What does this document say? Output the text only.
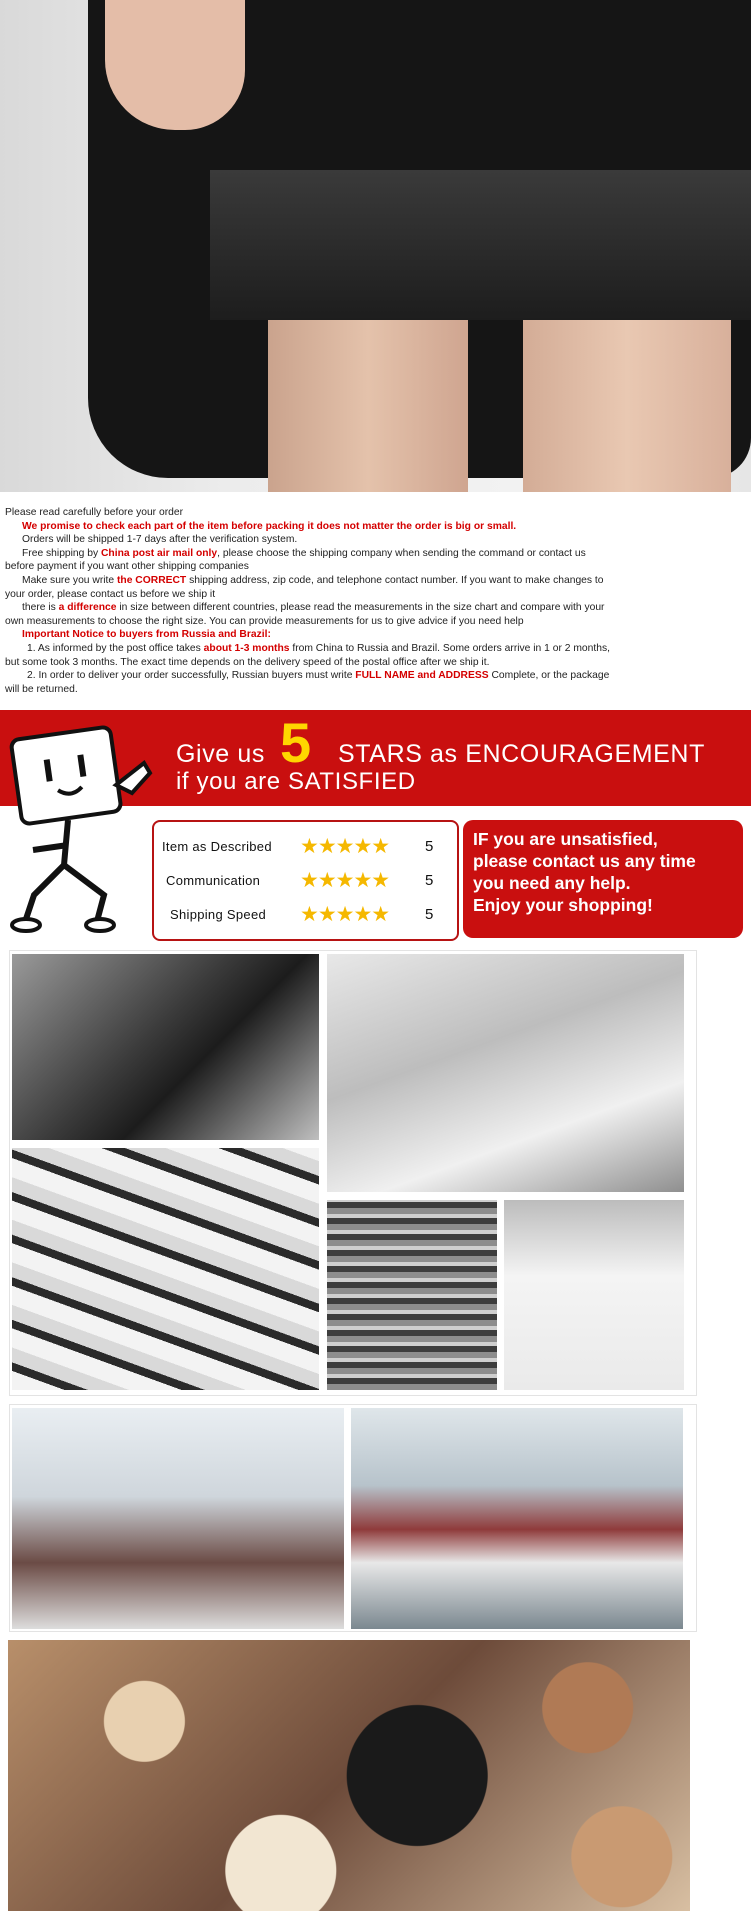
Please read carefully before your order

We promise to check each part of the item before packing it does not matter the order is big or small.

Orders will be shipped 1-7 days after the verification system.

Free shipping by China post air mail only, please choose the shipping company when sending the command or contact us

before payment if you want other shipping companies

Make sure you write the CORRECT shipping address, zip code, and telephone contact number. If you want to make changes to

your order, please contact us before we ship it

there is a difference in size between different countries, please read the measurements in the size chart and compare with your

own measurements to choose the right size. You can provide measurements for us to give advice if you need help

Important Notice to buyers from Russia and Brazil:

1. As informed by the post office takes about 1-3 months from China to Russia and Brazil. Some orders arrive in 1 or 2 months,

but some took 3 months. The exact time depends on the delivery speed of the postal office after we ship it.

2. In order to deliver your order successfully, Russian buyers must write FULL NAME and ADDRESS Complete, or the package

will be returned.

Give us 5 STARS as ENCOURAGEMENT
if you are SATISFIED
Item as Described ★★★★★ 5
Communication ★★★★★ 5
Shipping Speed ★★★★★ 5
IF you are unsatisfied,
please contact us any time
you need any help.
Enjoy your shopping!
